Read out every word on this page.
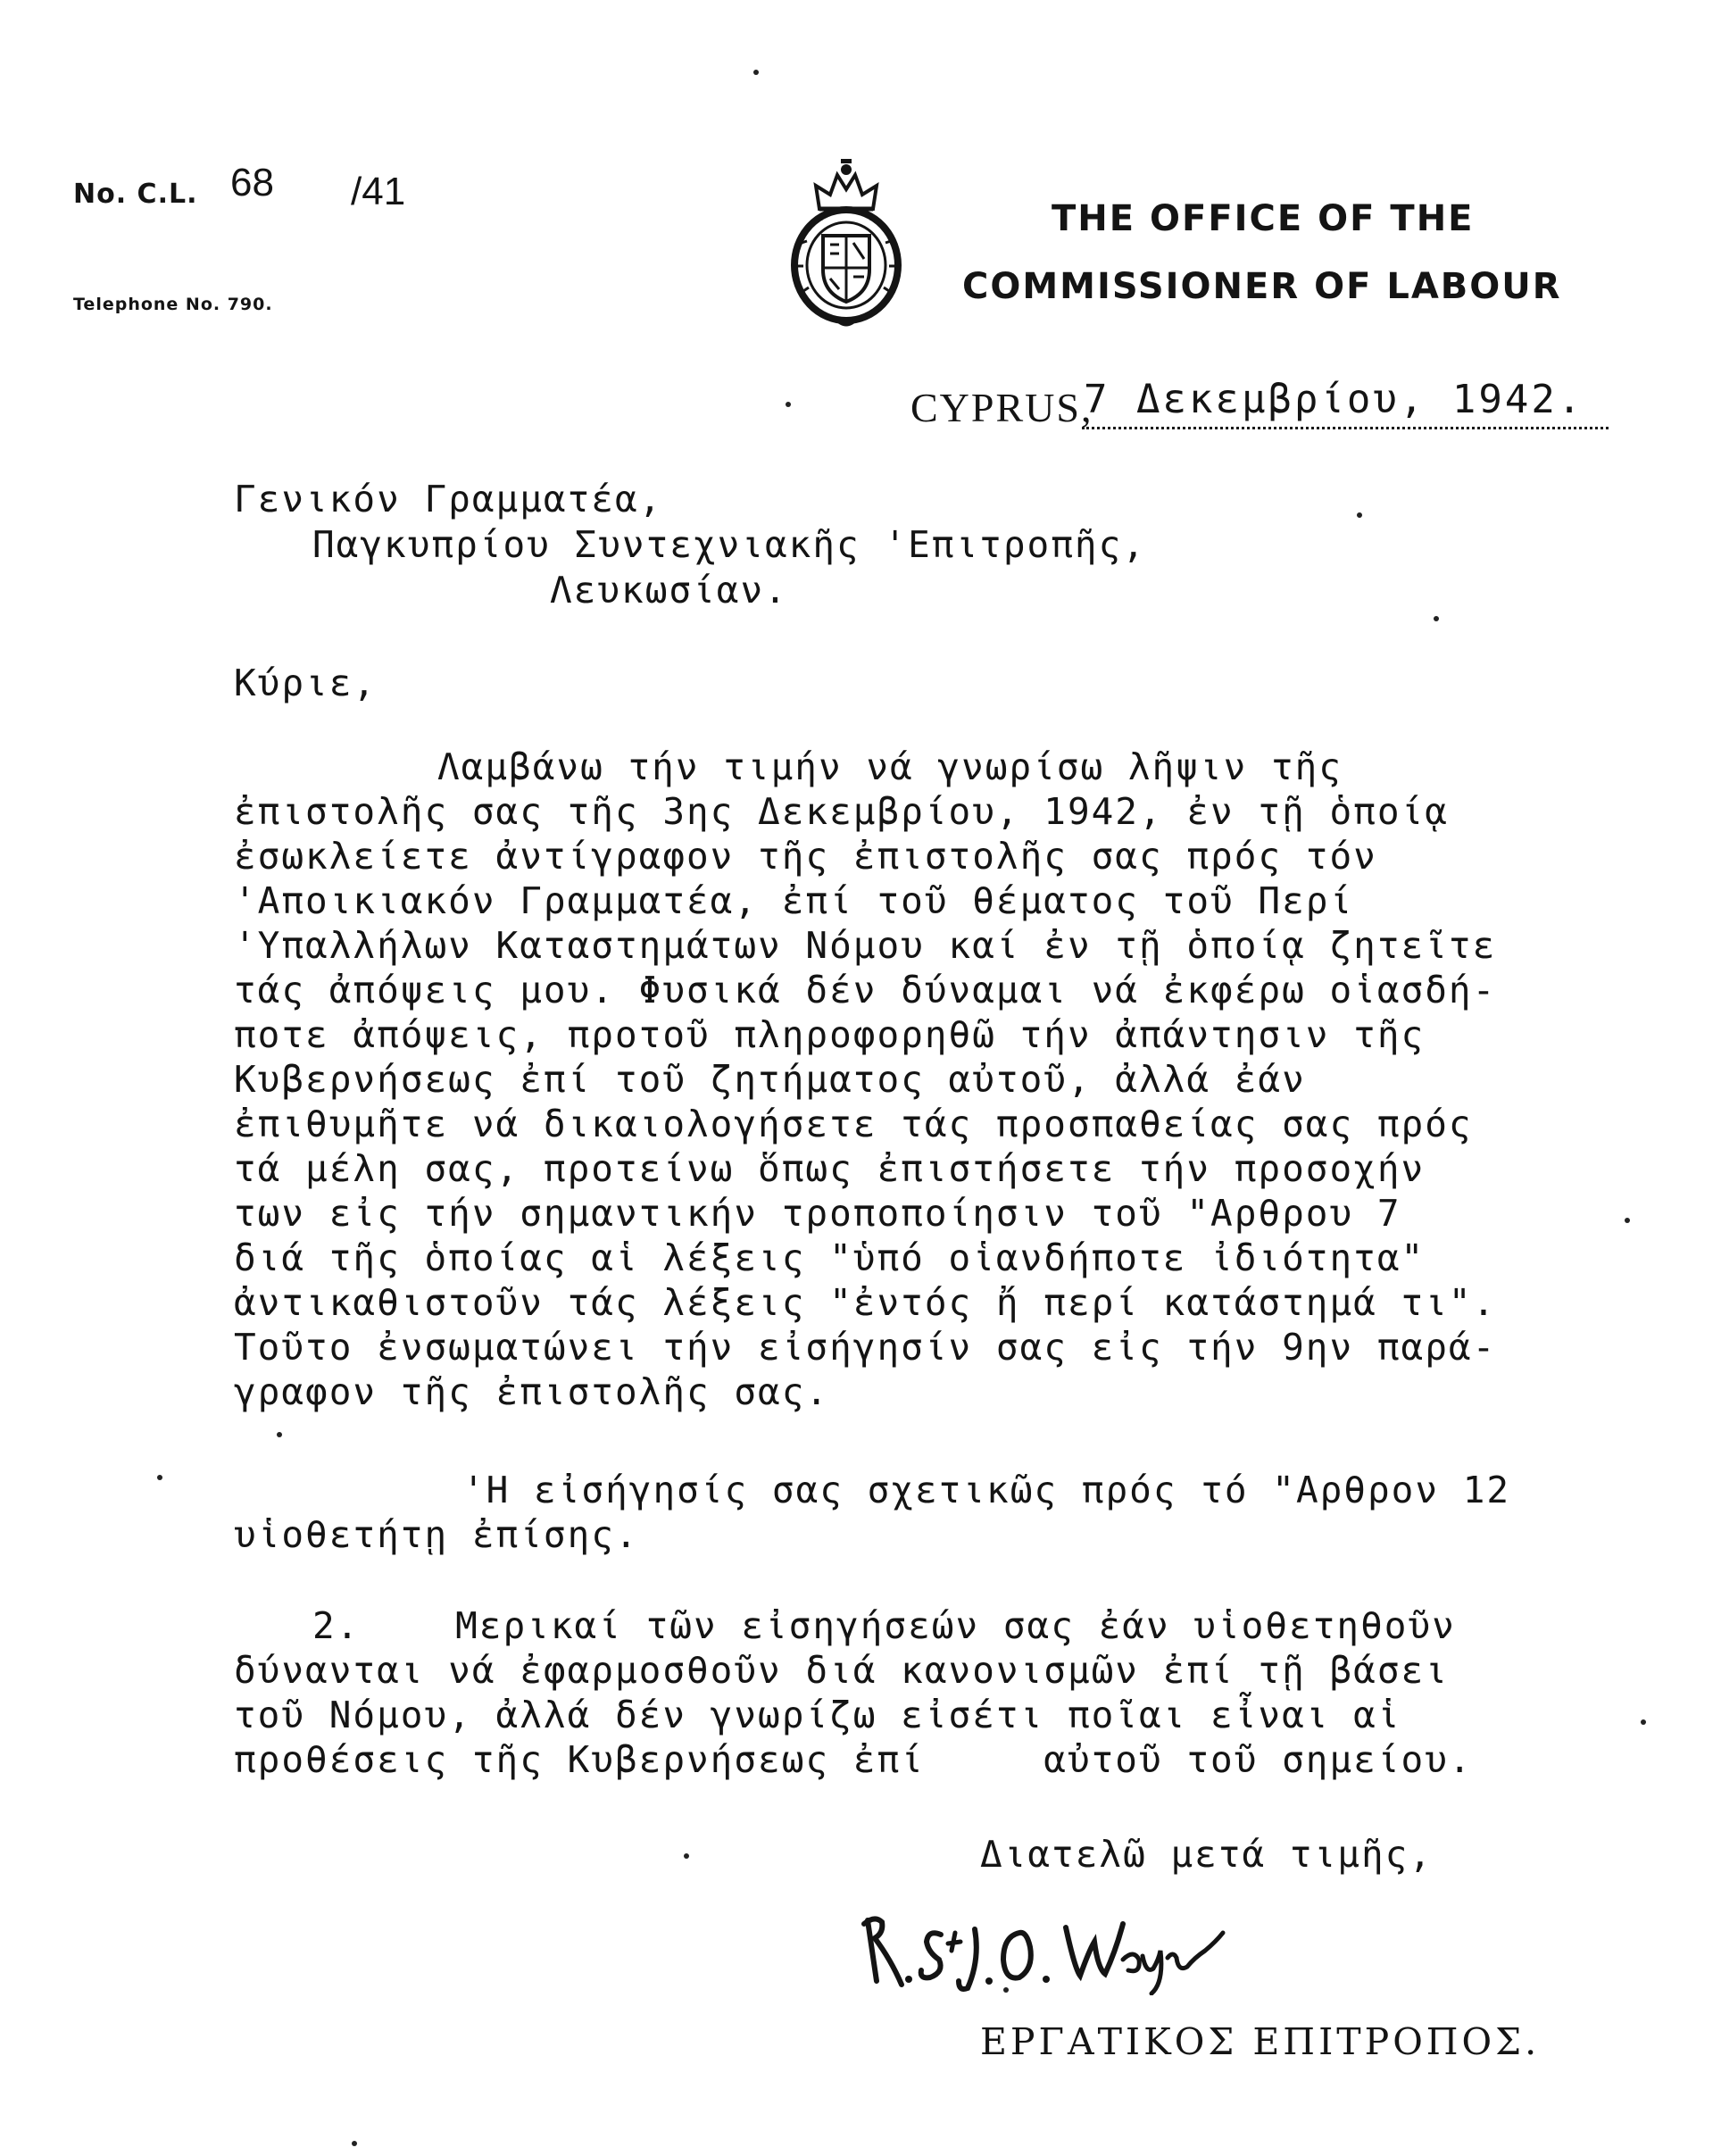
No. C.L. 68 /41
Telephone No. 790.
THE OFFICE OF THE
COMMISSIONER OF LABOUR
CYPRUS,
7 Δεκεμβρίου, 1942.
Γενικόν Γραμματέα,
Παγκυπρίου Συντεχνιακῆς 'Επιτροπῆς,
Λευκωσίαν.
Κύριε,
Λαμβάνω τήν τιμήν νά γνωρίσω λῆψιν τῆς
ἐπιστολῆς σας τῆς 3ης Δεκεμβρίου, 1942, ἐν τῇ ὁποίᾳ
ἐσωκλείετε ἀντίγραφον τῆς ἐπιστολῆς σας πρός τόν
'Αποικιακόν Γραμματέα, ἐπί τοῦ θέματος τοῦ Περί
'Υπαλλήλων Καταστημάτων Νόμου καί ἐν τῇ ὁποίᾳ ζητεῖτε
τάς ἀπόψεις μου. Φυσικά δέν δύναμαι νά ἐκφέρω οἱασδή-
ποτε ἀπόψεις, προτοῦ πληροφορηθῶ τήν ἀπάντησιν τῆς
Κυβερνήσεως ἐπί τοῦ ζητήματος αὐτοῦ, ἀλλά ἐάν
ἐπιθυμῆτε νά δικαιολογήσετε τάς προσπαθείας σας πρός
τά μέλη σας, προτείνω ὅπως ἐπιστήσετε τήν προσοχήν
των εἰς τήν σημαντικήν τροποποίησιν τοῦ "Αρθρου 7
διά τῆς ὁποίας αἱ λέξεις "ὑπό οἱανδήποτε ἰδιότητα"
ἀντικαθιστοῦν τάς λέξεις "ἐντός ἤ περί κατάστημά τι".
Τοῦτο ἐνσωματώνει τήν εἰσήγησίν σας εἰς τήν 9ην παρά-
γραφον τῆς ἐπιστολῆς σας.
'Η εἰσήγησίς σας σχετικῶς πρός τό "Αρθρον 12
υἱοθετήτῃ ἐπίσης.
2.    Μερικαί τῶν εἰσηγήσεών σας ἐάν υἱοθετηθοῦν
δύνανται νά ἐφαρμοσθοῦν διά κανονισμῶν ἐπί τῇ βάσει
τοῦ Νόμου, ἀλλά δέν γνωρίζω εἰσέτι ποῖαι εἶναι αἱ
προθέσεις τῆς Κυβερνήσεως ἐπί     αὐτοῦ τοῦ σημείου.
Διατελῶ μετά τιμῆς,
ΕΡΓΑΤΙΚΟΣ ΕΠΙΤΡΟΠΟΣ.
